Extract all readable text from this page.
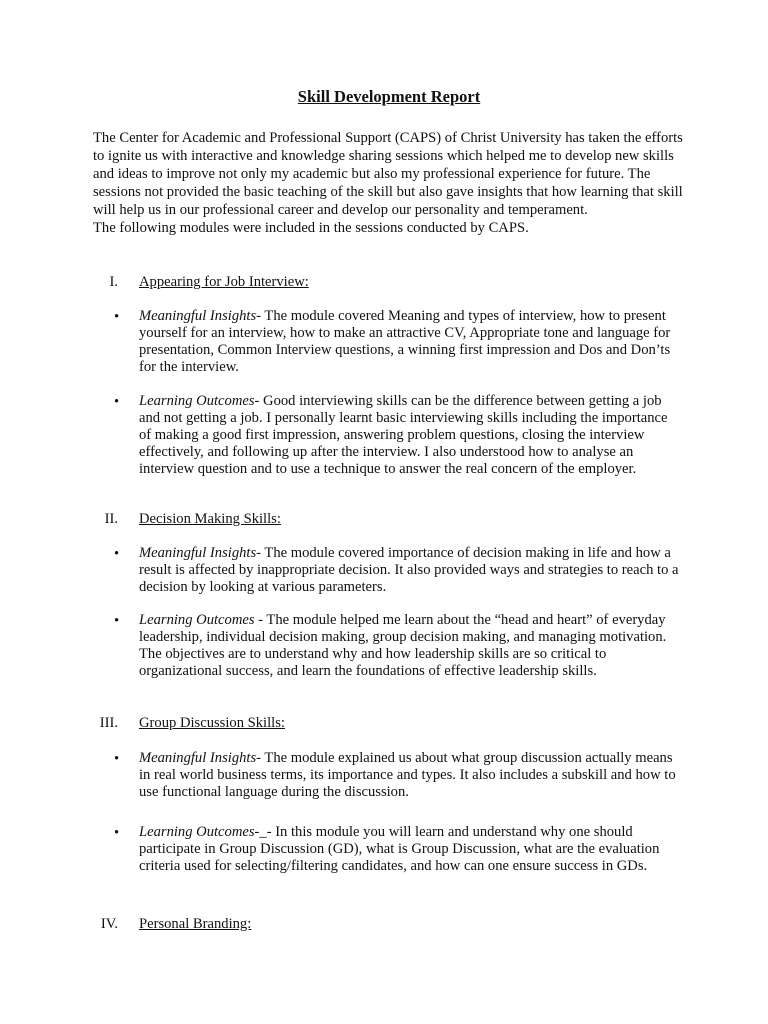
Skill Development Report

The Center for Academic and Professional Support (CAPS) of Christ University has taken the efforts to ignite us with interactive and knowledge sharing sessions which helped me to develop new skills and ideas to improve not only my academic but also my professional experience for future. The sessions not provided the basic teaching of the skill but also gave insights that how learning that skill will help us in our professional career and develop our personality and temperament.

The following modules were included in the sessions conducted by CAPS.

I. Appearing for Job Interview:
• Meaningful Insights- The module covered Meaning and types of interview, how to present yourself for an interview, how to make an attractive CV, Appropriate tone and language for presentation, Common Interview questions, a winning first impression and Dos and Don’ts for the interview.

• Learning Outcomes- Good interviewing skills can be the difference between getting a job and not getting a job. I personally learnt basic interviewing skills including the importance of making a good first impression, answering problem questions, closing the interview effectively, and following up after the interview. I also understood how to analyse an interview question and to use a technique to answer the real concern of the employer.

II. Decision Making Skills:
• Meaningful Insights- The module covered importance of decision making in life and how a result is affected by inappropriate decision. It also provided ways and strategies to reach to a decision by looking at various parameters.

• Learning Outcomes - The module helped me learn about the “head and heart” of everyday leadership, individual decision making, group decision making, and managing motivation. The objectives are to understand why and how leadership skills are so critical to organizational success, and learn the foundations of effective leadership skills.

III. Group Discussion Skills:
• Meaningful Insights- The module explained us about what group discussion actually means in real world business terms, its importance and types. It also includes a subskill and how to use functional language during the discussion.

• Learning Outcomes-_- In this module you will learn and understand why one should participate in Group Discussion (GD), what is Group Discussion, what are the evaluation criteria used for selecting/filtering candidates, and how can one ensure success in GDs.

IV. Personal Branding:
